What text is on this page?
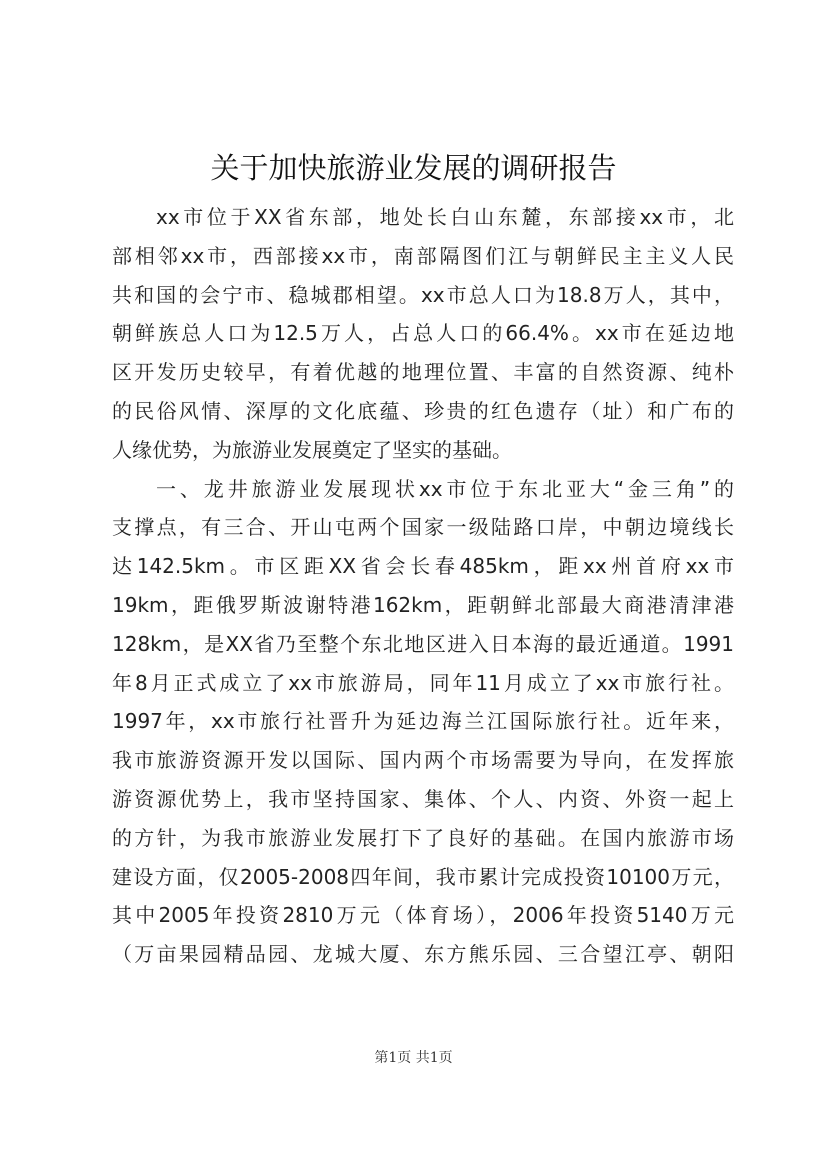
关于加快旅游业发展的调研报告
xx市位于XX省东部，地处长白山东麓，东部接xx市，北
部相邻xx市，西部接xx市，南部隔图们江与朝鲜民主主义人民
共和国的会宁市、稳城郡相望。xx市总人口为18.8万人，其中，
朝鲜族总人口为12.5万人，占总人口的66.4%。xx市在延边地
区开发历史较早，有着优越的地理位置、丰富的自然资源、纯朴
的民俗风情、深厚的文化底蕴、珍贵的红色遗存（址）和广布的
人缘优势，为旅游业发展奠定了坚实的基础。
一、龙井旅游业发展现状xx市位于东北亚大“金三角”的
支撑点，有三合、开山屯两个国家一级陆路口岸，中朝边境线长
达142.5km。市区距XX省会长春485km，距xx州首府xx市
19km，距俄罗斯波谢特港162km，距朝鲜北部最大商港清津港
128km，是XX省乃至整个东北地区进入日本海的最近通道。1991
年8月正式成立了xx市旅游局，同年11月成立了xx市旅行社。
1997年，xx市旅行社晋升为延边海兰江国际旅行社。近年来，
我市旅游资源开发以国际、国内两个市场需要为导向，在发挥旅
游资源优势上，我市坚持国家、集体、个人、内资、外资一起上
的方针，为我市旅游业发展打下了良好的基础。在国内旅游市场
建设方面，仅2005-2008四年间，我市累计完成投资10100万元，
其中2005年投资2810万元（体育场），2006年投资5140万元
（万亩果园精品园、龙城大厦、东方熊乐园、三合望江亭、朝阳
第1页 共1页
